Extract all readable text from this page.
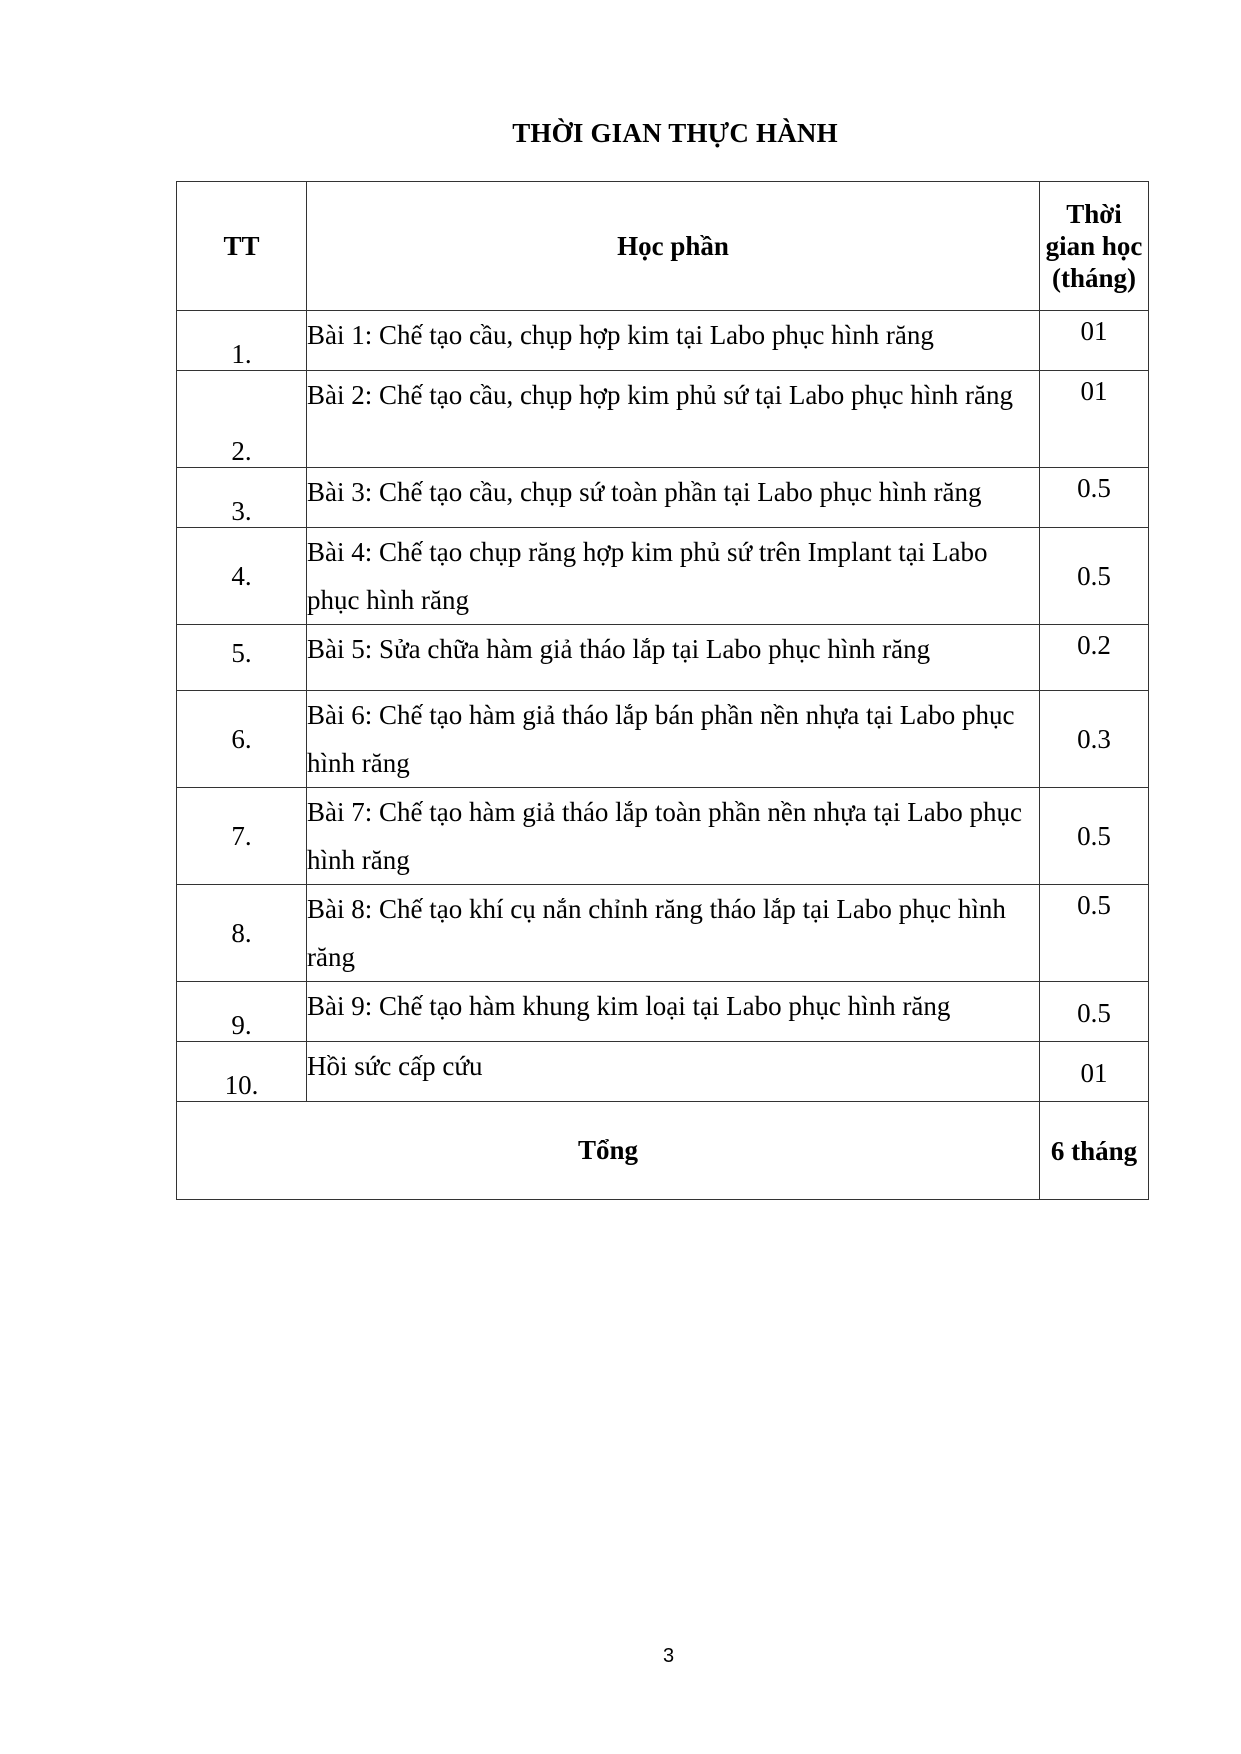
THỜI GIAN THỰC HÀNH
TT	Học phần	Thời gian học (tháng)
1.	Bài 1: Chế tạo cầu, chụp hợp kim tại Labo phục hình răng	01
2.	Bài 2: Chế tạo cầu, chụp hợp kim phủ sứ tại Labo phục hình răng	01
3.	Bài 3: Chế tạo cầu, chụp sứ toàn phần tại Labo phục hình răng	0.5
4.	Bài 4: Chế tạo chụp răng hợp kim phủ sứ trên Implant tại Labo phục hình răng	0.5
5.	Bài 5: Sửa chữa hàm giả tháo lắp tại Labo phục hình răng	0.2
6.	Bài 6: Chế tạo hàm giả tháo lắp bán phần nền nhựa tại Labo phục hình răng	0.3
7.	Bài 7: Chế tạo hàm giả tháo lắp toàn phần nền nhựa tại Labo phục hình răng	0.5
8.	Bài 8: Chế tạo khí cụ nắn chỉnh răng tháo lắp tại Labo phục hình răng	0.5
9.	Bài 9: Chế tạo hàm khung kim loại tại Labo phục hình răng	0.5
10.	Hồi sức cấp cứu	01
Tổng		6 tháng
3
